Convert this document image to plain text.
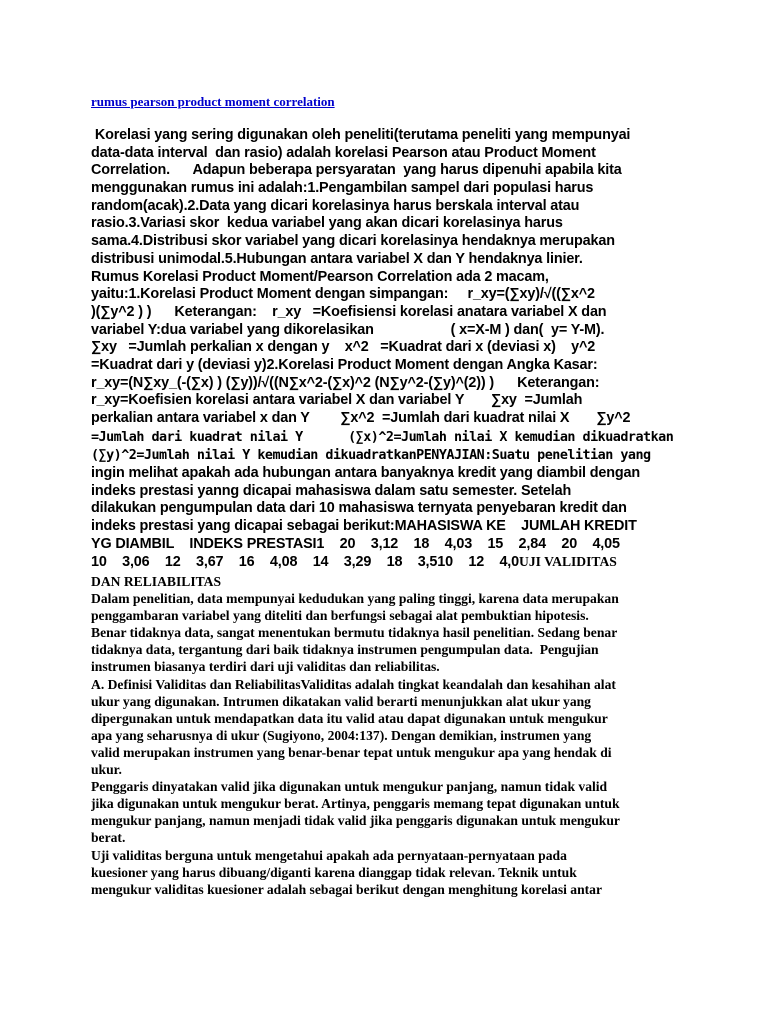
rumus pearson product moment correlation
Korelasi yang sering digunakan oleh peneliti(terutama peneliti yang mempunyai
data-data interval  dan rasio) adalah korelasi Pearson atau Product Moment
Correlation.      Adapun beberapa persyaratan  yang harus dipenuhi apabila kita
menggunakan rumus ini adalah:1.Pengambilan sampel dari populasi harus
random(acak).2.Data yang dicari korelasinya harus berskala interval atau
rasio.3.Variasi skor  kedua variabel yang akan dicari korelasinya harus
sama.4.Distribusi skor variabel yang dicari korelasinya hendaknya merupakan
distribusi unimodal.5.Hubungan antara variabel X dan Y hendaknya linier.
Rumus Korelasi Product Moment/Pearson Correlation ada 2 macam,
yaitu:1.Korelasi Product Moment dengan simpangan:     r_xy=(∑xy)/√((∑x^2
)(∑y^2 ) )      Keterangan:    r_xy   =Koefisiensi korelasi anatara variabel X dan
variabel Y:dua variabel yang dikorelasikan                    ( x=X-M ) dan(  y= Y-M).
∑xy   =Jumlah perkalian x dengan y    x^2   =Kuadrat dari x (deviasi x)    y^2
=Kuadrat dari y (deviasi y)2.Korelasi Product Moment dengan Angka Kasar:
r_xy=(N∑xy_(-(∑x) ) (∑y))/√((N∑x^2-(∑x)^2 (N∑y^2-(∑y)^(2)) )      Keterangan:
r_xy=Koefisien korelasi antara variabel X dan variabel Y       ∑xy  =Jumlah
perkalian antara variabel x dan Y        ∑x^2  =Jumlah dari kuadrat nilai X       ∑y^2
=Jumlah dari kuadrat nilai Y      (∑x)^2=Jumlah nilai X kemudian dikuadratkan
(∑y)^2=Jumlah nilai Y kemudian dikuadratkanPENYAJIAN:Suatu penelitian yang
ingin melihat apakah ada hubungan antara banyaknya kredit yang diambil dengan
indeks prestasi yanng dicapai mahasiswa dalam satu semester. Setelah
dilakukan pengumpulan data dari 10 mahasiswa ternyata penyebaran kredit dan
indeks prestasi yang dicapai sebagai berikut:MAHASISWA KE    JUMLAH KREDIT
YG DIAMBIL    INDEKS PRESTASI1    20    3,12    18    4,03    15    2,84    20    4,05
10    3,06    12    3,67    16    4,08    14    3,29    18    3,510    12    4,0UJI VALIDITAS
DAN RELIABILITAS
Dalam penelitian, data mempunyai kedudukan yang paling tinggi, karena data merupakan
penggambaran variabel yang diteliti dan berfungsi sebagai alat pembuktian hipotesis.
Benar tidaknya data, sangat menentukan bermutu tidaknya hasil penelitian. Sedang benar
tidaknya data, tergantung dari baik tidaknya instrumen pengumpulan data.  Pengujian
instrumen biasanya terdiri dari uji validitas dan reliabilitas.
A. Definisi Validitas dan ReliabilitasValiditas adalah tingkat keandalah dan kesahihan alat
ukur yang digunakan. Intrumen dikatakan valid berarti menunjukkan alat ukur yang
dipergunakan untuk mendapatkan data itu valid atau dapat digunakan untuk mengukur
apa yang seharusnya di ukur (Sugiyono, 2004:137). Dengan demikian, instrumen yang
valid merupakan instrumen yang benar-benar tepat untuk mengukur apa yang hendak di
ukur.
Penggaris dinyatakan valid jika digunakan untuk mengukur panjang, namun tidak valid
jika digunakan untuk mengukur berat. Artinya, penggaris memang tepat digunakan untuk
mengukur panjang, namun menjadi tidak valid jika penggaris digunakan untuk mengukur
berat.
Uji validitas berguna untuk mengetahui apakah ada pernyataan-pernyataan pada
kuesioner yang harus dibuang/diganti karena dianggap tidak relevan. Teknik untuk
mengukur validitas kuesioner adalah sebagai berikut dengan menghitung korelasi antar
